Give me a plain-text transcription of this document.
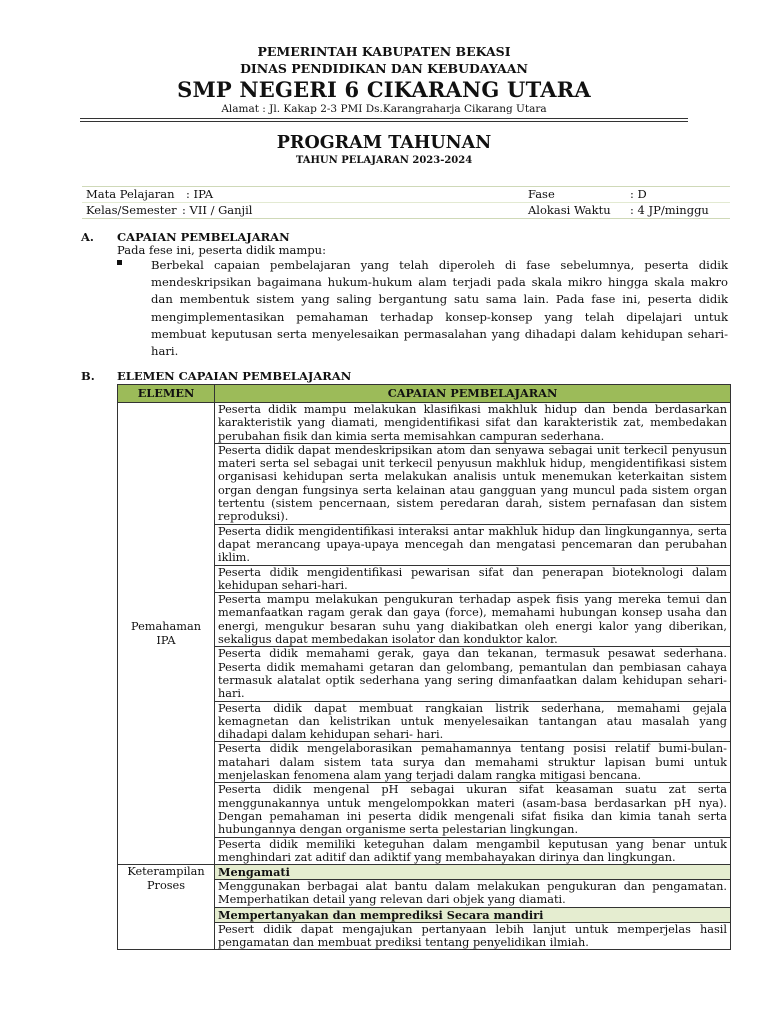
PEMERINTAH KABUPATEN BEKASI
DINAS PENDIDIKAN DAN KEBUDAYAAN
SMP NEGERI 6 CIKARANG UTARA
Alamat : Jl. Kakap 2-3 PMI Ds.Karangraharja Cikarang Utara
PROGRAM TAHUNAN
TAHUN PELAJARAN 2023-2024
Mata Pelajaran : IPA	Fase	: D
Kelas/Semester : VII / Ganjil	Alokasi Waktu : 4 JP/minggu
A. CAPAIAN PEMBELAJARAN
Pada fese ini, peserta didik mampu:
Berbekal capaian pembelajaran yang telah diperoleh di fase sebelumnya, peserta didik mendeskripsikan bagaimana hukum-hukum alam terjadi pada skala mikro hingga skala makro dan membentuk sistem yang saling bergantung satu sama lain. Pada fase ini, peserta didik mengimplementasikan pemahaman terhadap konsep-konsep yang telah dipelajari untuk membuat keputusan serta menyelesaikan permasalahan yang dihadapi dalam kehidupan sehari-hari.
B. ELEMEN CAPAIAN PEMBELAJARAN
ELEMEN	CAPAIAN PEMBELAJARAN
Pemahaman IPA	Peserta didik mampu melakukan klasifikasi makhluk hidup dan benda berdasarkan karakteristik yang diamati, mengidentifikasi sifat dan karakteristik zat, membedakan perubahan fisik dan kimia serta memisahkan campuran sederhana.
	Peserta didik dapat mendeskripsikan atom dan senyawa sebagai unit terkecil penyusun materi serta sel sebagai unit terkecil penyusun makhluk hidup, mengidentifikasi sistem organisasi kehidupan serta melakukan analisis untuk menemukan keterkaitan sistem organ dengan fungsinya serta kelainan atau gangguan yang muncul pada sistem organ tertentu (sistem pencernaan, sistem peredaran darah, sistem pernafasan dan sistem reproduksi).
	Peserta didik mengidentifikasi interaksi antar makhluk hidup dan lingkungannya, serta dapat merancang upaya-upaya mencegah dan mengatasi pencemaran dan perubahan iklim.
	Peserta didik mengidentifikasi pewarisan sifat dan penerapan bioteknologi dalam kehidupan sehari-hari.
	Peserta mampu melakukan pengukuran terhadap aspek fisis yang mereka temui dan memanfaatkan ragam gerak dan gaya (force), memahami hubungan konsep usaha dan energi, mengukur besaran suhu yang diakibatkan oleh energi kalor yang diberikan, sekaligus dapat membedakan isolator dan konduktor kalor.
	Peserta didik memahami gerak, gaya dan tekanan, termasuk pesawat sederhana. Peserta didik memahami getaran dan gelombang, pemantulan dan pembiasan cahaya termasuk alatalat optik sederhana yang sering dimanfaatkan dalam kehidupan sehari-hari.
	Peserta didik dapat membuat rangkaian listrik sederhana, memahami gejala kemagnetan dan kelistrikan untuk menyelesaikan tantangan atau masalah yang dihadapi dalam kehidupan sehari- hari.
	Peserta didik mengelaborasikan pemahamannya tentang posisi relatif bumi-bulan-matahari dalam sistem tata surya dan memahami struktur lapisan bumi untuk menjelaskan fenomena alam yang terjadi dalam rangka mitigasi bencana.
	Peserta didik mengenal pH sebagai ukuran sifat keasaman suatu zat serta menggunakannya untuk mengelompokkan materi (asam-basa berdasarkan pH nya). Dengan pemahaman ini peserta didik mengenali sifat fisika dan kimia tanah serta hubungannya dengan organisme serta pelestarian lingkungan.
	Peserta didik memiliki keteguhan dalam mengambil keputusan yang benar untuk menghindari zat aditif dan adiktif yang membahayakan dirinya dan lingkungan.
Keterampilan Proses	Mengamati
	Menggunakan berbagai alat bantu dalam melakukan pengukuran dan pengamatan. Memperhatikan detail yang relevan dari objek yang diamati.
	Mempertanyakan dan memprediksi Secara mandiri
	Pesert didik dapat mengajukan pertanyaan lebih lanjut untuk memperjelas hasil pengamatan dan membuat prediksi tentang penyelidikan ilmiah.
